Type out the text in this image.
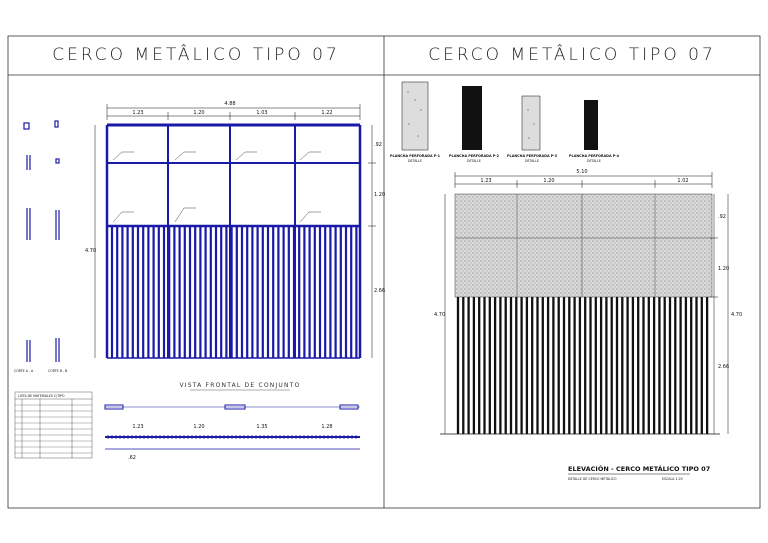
CERCO METÂLICO TIPO 07	CERCO METÂLICO TIPO 07
CORTE A - A	CORTE B - B
4.88
1.23	1.20	1.03	1.22
.92
1.20
2.66
4.70
VISTA FRONTAL DE CONJUNTO
LISTA DE MATERIALES C/TIPO
1.23	1.20	1.35	1.28
.62
PLANCHA PERFORADA P-1	PLANCHA PERFORADA P-2 PLANCHA PERFORADA P-3	PLANCHA PERFORADA P-4
DETALLE	DETALLE	DETALLE	DETALLE
5.10
1.23	1.20	1.02
.92
1.20
2.66
4.70	4.70
ELEVACIÓN - CERCO METÁLICO TIPO 07
DETALLE DE CERCO METÁLICO	ESCALA 1:20
